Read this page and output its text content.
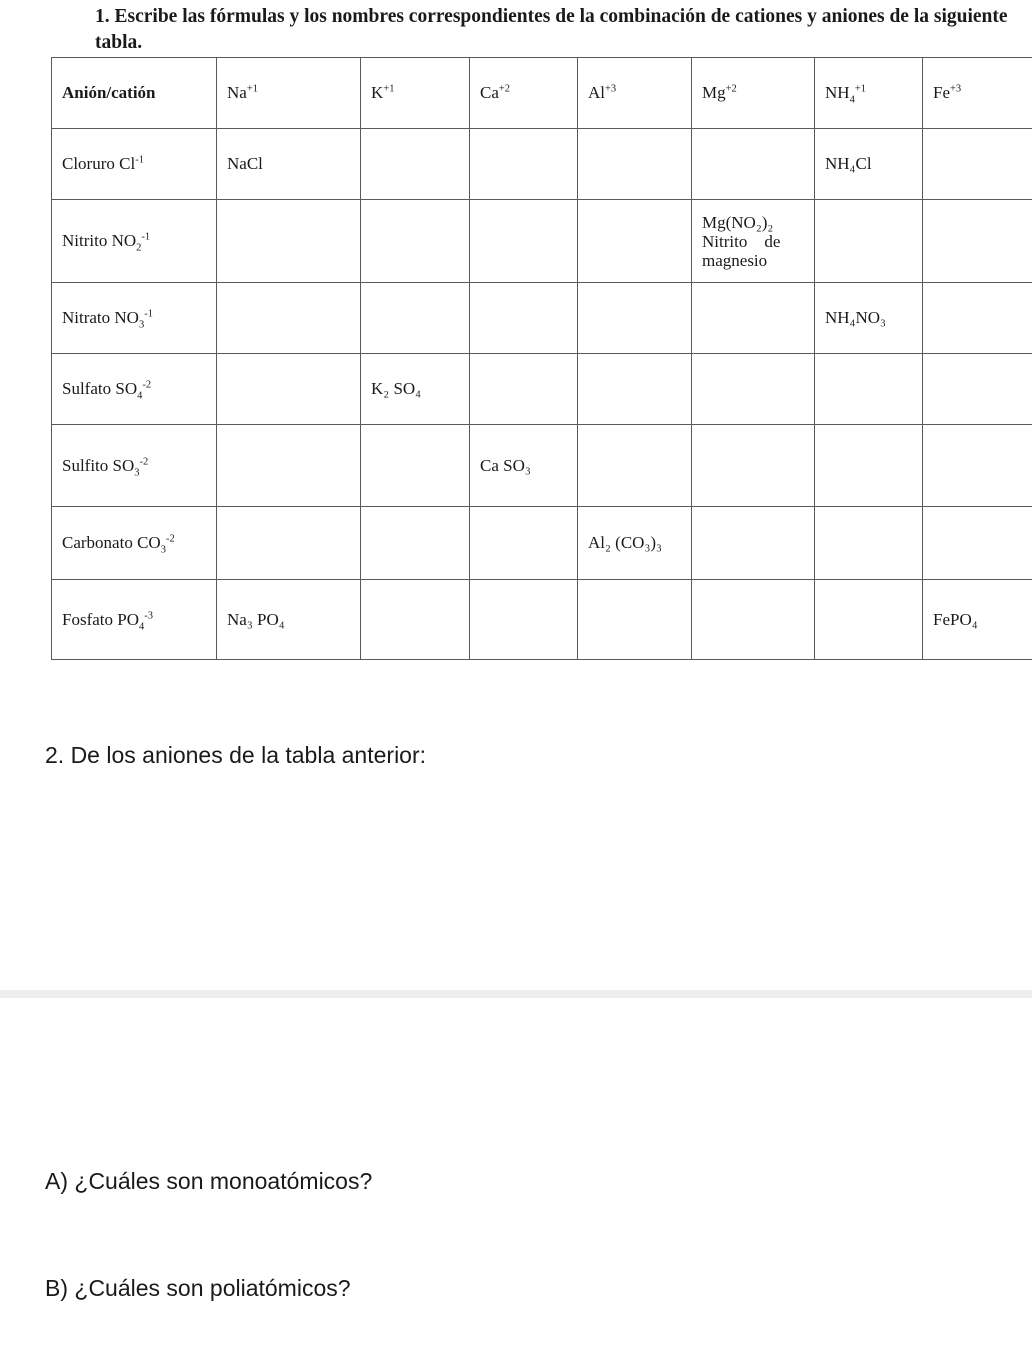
1. Escribe las fórmulas y los nombres correspondientes de la combinación de cationes y aniones de la siguiente tabla.
Anión/catión	$Na^{+1}$	$K^{+1}$	$Ca^{+2}$	$Al^{+3}$	$Mg^{+2}$	$NH_4^{+1}$	$Fe^{+3}$
Cloruro $Cl^{-1}$	NaCl					NH₄Cl	
Nitrito $NO_2^{-1}$					Mg(NO₂)₂
Nitrito    de
magnesio		

Nitrato $NO_3^{-1}$						NH₄NO₃	
Sulfato $SO_4^{-2}$		K₂ SO₄					
Sulfito $SO_3^{-2}$			Ca SO₃				
Carbonato $CO_3^{-2}$				Al₂ (CO₃)₃			
Fosfato $PO_4^{-3}$	Na₃ PO₄						FePO₄

2. De los aniones de la tabla anterior:

A) ¿Cuáles son monoatómicos?

B) ¿Cuáles son poliatómicos?
